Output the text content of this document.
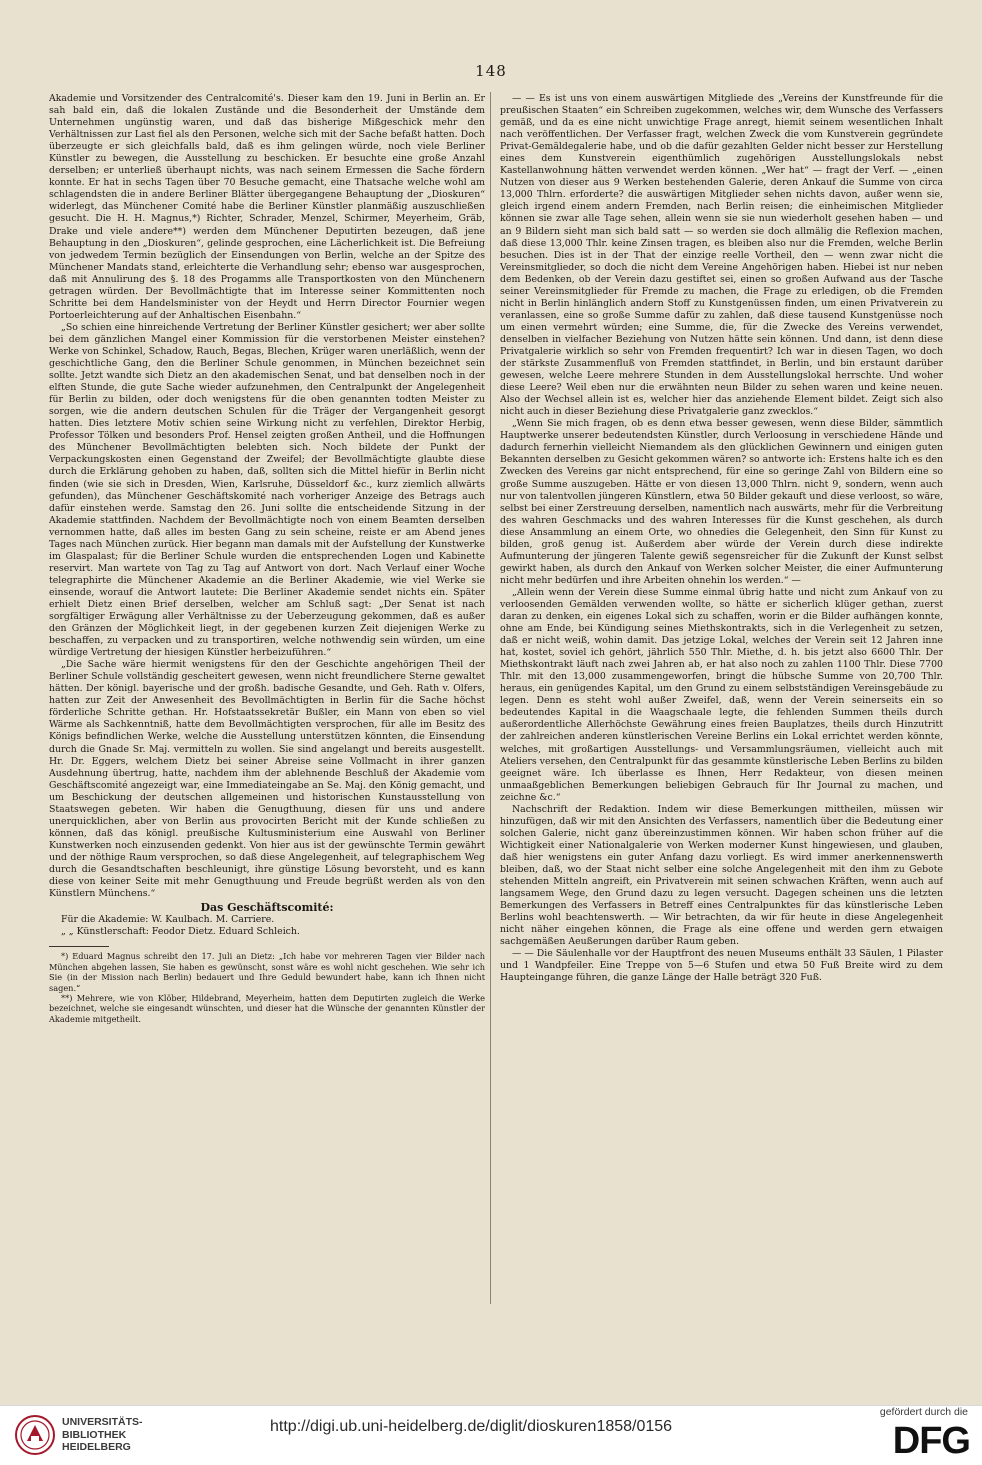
148

Akademie und Vorsitzender des Centralcomité's. Dieser kam den 19. Juni in Berlin an. Er sah bald ein, daß die lokalen Zustände und die Besonderheit der Umstände dem Unternehmen ungünstig waren, und daß das bisherige Mißgeschick mehr den Verhältnissen zur Last fiel als den Personen, welche sich mit der Sache befaßt hatten. Doch überzeugte er sich gleichfalls bald, daß es ihm gelingen würde, noch viele Berliner Künstler zu bewegen, die Ausstellung zu beschicken. Er besuchte eine große Anzahl derselben; er unterließ überhaupt nichts, was nach seinem Ermessen die Sache fördern konnte. Er hat in sechs Tagen über 70 Besuche gemacht, eine Thatsache welche wohl am schlagendsten die in andere Berliner Blätter übergegangene Behauptung der „Dioskuren“ widerlegt, das Münchener Comité habe die Berliner Künstler planmäßig auszuschließen gesucht. Die H. H. Magnus,*) Richter, Schrader, Menzel, Schirmer, Meyerheim, Gräb, Drake und viele andere**) werden dem Münchener Deputirten bezeugen, daß jene Behauptung in den „Dioskuren“, gelinde gesprochen, eine Lächerlichkeit ist. Die Befreiung von jedwedem Termin bezüglich der Einsendungen von Berlin, welche an der Spitze des Münchener Mandats stand, erleichterte die Verhandlung sehr; ebenso war ausgesprochen, daß mit Annulirung des §. 18 des Progamms alle Transportkosten von den Münchenern getragen würden. Der Bevollmächtigte that im Interesse seiner Kommittenten noch Schritte bei dem Handelsminister von der Heydt und Herrn Director Fournier wegen Portoerleichterung auf der Anhaltischen Eisenbahn.“

„So schien eine hinreichende Vertretung der Berliner Künstler gesichert; wer aber sollte bei dem gänzlichen Mangel einer Kommission für die verstorbenen Meister einstehen? Werke von Schinkel, Schadow, Rauch, Begas, Blechen, Krüger waren unerläßlich, wenn der geschichtliche Gang, den die Berliner Schule genommen, in München bezeichnet sein sollte. Jetzt wandte sich Dietz an den akademischen Senat, und bat denselben noch in der elften Stunde, die gute Sache wieder aufzunehmen, den Centralpunkt der Angelegenheit für Berlin zu bilden, oder doch wenigstens für die oben genannten todten Meister zu sorgen, wie die andern deutschen Schulen für die Träger der Vergangenheit gesorgt hatten. Dies letztere Motiv schien seine Wirkung nicht zu verfehlen, Direktor Herbig, Professor Tölken und besonders Prof. Hensel zeigten großen Antheil, und die Hoffnungen des Münchener Bevollmächtigten belebten sich. Noch bildete der Punkt der Verpackungskosten einen Gegenstand der Zweifel; der Bevollmächtigte glaubte diese durch die Erklärung gehoben zu haben, daß, sollten sich die Mittel hiefür in Berlin nicht finden (wie sie sich in Dresden, Wien, Karlsruhe, Düsseldorf &c., kurz ziemlich allwärts gefunden), das Münchener Geschäftskomité nach vorheriger Anzeige des Betrags auch dafür einstehen werde. Samstag den 26. Juni sollte die entscheidende Sitzung in der Akademie stattfinden. Nachdem der Bevollmächtigte noch von einem Beamten derselben vernommen hatte, daß alles im besten Gang zu sein scheine, reiste er am Abend jenes Tages nach München zurück. Hier begann man damals mit der Aufstellung der Kunstwerke im Glaspalast; für die Berliner Schule wurden die entsprechenden Logen und Kabinette reservirt. Man wartete von Tag zu Tag auf Antwort von dort. Nach Verlauf einer Woche telegraphirte die Münchener Akademie an die Berliner Akademie, wie viel Werke sie einsende, worauf die Antwort lautete: Die Berliner Akademie sendet nichts ein. Später erhielt Dietz einen Brief derselben, welcher am Schluß sagt: „Der Senat ist nach sorgfältiger Erwägung aller Verhältnisse zu der Ueberzeugung gekommen, daß es außer den Gränzen der Möglichkeit liegt, in der gegebenen kurzen Zeit diejenigen Werke zu beschaffen, zu verpacken und zu transportiren, welche nothwendig sein würden, um eine würdige Vertretung der hiesigen Künstler herbeizuführen.“

„Die Sache wäre hiermit wenigstens für den der Geschichte angehörigen Theil der Berliner Schule vollständig gescheitert gewesen, wenn nicht freundlichere Sterne gewaltet hätten. Der königl. bayerische und der großh. badische Gesandte, und Geh. Rath v. Olfers, hatten zur Zeit der Anwesenheit des Bevollmächtigten in Berlin für die Sache höchst förderliche Schritte gethan. Hr. Hofstaatssekretär Bußler, ein Mann von eben so viel Wärme als Sachkenntniß, hatte dem Bevollmächtigten versprochen, für alle im Besitz des Königs befindlichen Werke, welche die Ausstellung unterstützen könnten, die Einsendung durch die Gnade Sr. Maj. vermitteln zu wollen. Sie sind angelangt und bereits ausgestellt. Hr. Dr. Eggers, welchem Dietz bei seiner Abreise seine Vollmacht in ihrer ganzen Ausdehnung übertrug, hatte, nachdem ihm der ablehnende Beschluß der Akademie vom Geschäftscomité angezeigt war, eine Immediateingabe an Se. Maj. den König gemacht, und um Beschickung der deutschen allgemeinen und historischen Kunstausstellung von Staatswegen gebeten. Wir haben die Genugthuung, diesen für uns und andere unerquicklichen, aber von Berlin aus provocirten Bericht mit der Kunde schließen zu können, daß das königl. preußische Kultusministerium eine Auswahl von Berliner Kunstwerken noch einzusenden gedenkt. Von hier aus ist der gewünschte Termin gewährt und der nöthige Raum versprochen, so daß diese Angelegenheit, auf telegraphischem Weg durch die Gesandtschaften beschleunigt, ihre günstige Lösung bevorsteht, und es kann diese von keiner Seite mit mehr Genugthuung und Freude begrüßt werden als von den Künstlern Münchens.“

Das Geschäftscomité:

Für die Akademie: W. Kaulbach. M. Carriere.

„ „ Künstlerschaft: Feodor Dietz. Eduard Schleich.

*) Eduard Magnus schreibt den 17. Juli an Dietz: „Ich habe vor mehreren Tagen vier Bilder nach München abgehen lassen, Sie haben es gewünscht, sonst wäre es wohl nicht geschehen. Wie sehr ich Sie (in der Mission nach Berlin) bedauert und Ihre Geduld bewundert habe, kann ich Ihnen nicht sagen.“

**) Mehrere, wie von Klöber, Hildebrand, Meyerheim, hatten dem Deputirten zugleich die Werke bezeichnet, welche sie eingesandt wünschten, und dieser hat die Wünsche der genannten Künstler der Akademie mitgetheilt.

— — Es ist uns von einem auswärtigen Mitgliede des „Vereins der Kunstfreunde für die preußischen Staaten“ ein Schreiben zugekommen, welches wir, dem Wunsche des Verfassers gemäß, und da es eine nicht unwichtige Frage anregt, hiemit seinem wesentlichen Inhalt nach veröffentlichen. Der Verfasser fragt, welchen Zweck die vom Kunstverein gegründete Privat-Gemäldegalerie habe, und ob die dafür gezahlten Gelder nicht besser zur Herstellung eines dem Kunstverein eigenthümlich zugehörigen Ausstellungslokals nebst Kastellanwohnung hätten verwendet werden können. „Wer hat“ — fragt der Verf. — „einen Nutzen von dieser aus 9 Werken bestehenden Galerie, deren Ankauf die Summe von circa 13,000 Thlrn. erforderte? die auswärtigen Mitglieder sehen nichts davon, außer wenn sie, gleich irgend einem andern Fremden, nach Berlin reisen; die einheimischen Mitglieder können sie zwar alle Tage sehen, allein wenn sie sie nun wiederholt gesehen haben — und an 9 Bildern sieht man sich bald satt — so werden sie doch allmälig die Reflexion machen, daß diese 13,000 Thlr. keine Zinsen tragen, es bleiben also nur die Fremden, welche Berlin besuchen. Dies ist in der That der einzige reelle Vortheil, den — wenn zwar nicht die Vereinsmitglieder, so doch die nicht dem Vereine Angehörigen haben. Hiebei ist nur neben dem Bedenken, ob der Verein dazu gestiftet sei, einen so großen Aufwand aus der Tasche seiner Vereinsmitglieder für Fremde zu machen, die Frage zu erledigen, ob die Fremden nicht in Berlin hinlänglich andern Stoff zu Kunstgenüssen finden, um einen Privatverein zu veranlassen, eine so große Summe dafür zu zahlen, daß diese tausend Kunstgenüsse noch um einen vermehrt würden; eine Summe, die, für die Zwecke des Vereins verwendet, denselben in vielfacher Beziehung von Nutzen hätte sein können. Und dann, ist denn diese Privatgalerie wirklich so sehr von Fremden frequentirt? Ich war in diesen Tagen, wo doch der stärkste Zusammenfluß von Fremden stattfindet, in Berlin, und bin erstaunt darüber gewesen, welche Leere mehrere Stunden in dem Ausstellungslokal herrschte. Und woher diese Leere? Weil eben nur die erwähnten neun Bilder zu sehen waren und keine neuen. Also der Wechsel allein ist es, welcher hier das anziehende Element bildet. Zeigt sich also nicht auch in dieser Beziehung diese Privatgalerie ganz zwecklos.“

„Wenn Sie mich fragen, ob es denn etwa besser gewesen, wenn diese Bilder, sämmtlich Hauptwerke unserer bedeutendsten Künstler, durch Verloosung in verschiedene Hände und dadurch fernerhin vielleicht Niemandem als den glücklichen Gewinnern und einigen guten Bekannten derselben zu Gesicht gekommen wären? so antworte ich: Erstens halte ich es den Zwecken des Vereins gar nicht entsprechend, für eine so geringe Zahl von Bildern eine so große Summe auszugeben. Hätte er von diesen 13,000 Thlrn. nicht 9, sondern, wenn auch nur von talentvollen jüngeren Künstlern, etwa 50 Bilder gekauft und diese verloost, so wäre, selbst bei einer Zerstreuung derselben, namentlich nach auswärts, mehr für die Verbreitung des wahren Geschmacks und des wahren Interesses für die Kunst geschehen, als durch diese Ansammlung an einem Orte, wo ohnedies die Gelegenheit, den Sinn für Kunst zu bilden, groß genug ist. Außerdem aber würde der Verein durch diese indirekte Aufmunterung der jüngeren Talente gewiß segensreicher für die Zukunft der Kunst selbst gewirkt haben, als durch den Ankauf von Werken solcher Meister, die einer Aufmunterung nicht mehr bedürfen und ihre Arbeiten ohnehin los werden.“ —

„Allein wenn der Verein diese Summe einmal übrig hatte und nicht zum Ankauf von zu verloosenden Gemälden verwenden wollte, so hätte er sicherlich klüger gethan, zuerst daran zu denken, ein eigenes Lokal sich zu schaffen, worin er die Bilder aufhängen konnte, ohne am Ende, bei Kündigung seines Miethskontrakts, sich in die Verlegenheit zu setzen, daß er nicht weiß, wohin damit. Das jetzige Lokal, welches der Verein seit 12 Jahren inne hat, kostet, soviel ich gehört, jährlich 550 Thlr. Miethe, d. h. bis jetzt also 6600 Thlr. Der Miethskontrakt läuft nach zwei Jahren ab, er hat also noch zu zahlen 1100 Thlr. Diese 7700 Thlr. mit den 13,000 zusammengeworfen, bringt die hübsche Summe von 20,700 Thlr. heraus, ein genügendes Kapital, um den Grund zu einem selbstständigen Vereinsgebäude zu legen. Denn es steht wohl außer Zweifel, daß, wenn der Verein seinerseits ein so bedeutendes Kapital in die Waagschaale legte, die fehlenden Summen theils durch außerordentliche Allerhöchste Gewährung eines freien Bauplatzes, theils durch Hinzutritt der zahlreichen anderen künstlerischen Vereine Berlins ein Lokal errichtet werden könnte, welches, mit großartigen Ausstellungs- und Versammlungsräumen, vielleicht auch mit Ateliers versehen, den Centralpunkt für das gesammte künstlerische Leben Berlins zu bilden geeignet wäre. Ich überlasse es Ihnen, Herr Redakteur, von diesen meinen unmaaßgeblichen Bemerkungen beliebigen Gebrauch für Ihr Journal zu machen, und zeichne &c.“

Nachschrift der Redaktion. Indem wir diese Bemerkungen mittheilen, müssen wir hinzufügen, daß wir mit den Ansichten des Verfassers, namentlich über die Bedeutung einer solchen Galerie, nicht ganz übereinzustimmen können. Wir haben schon früher auf die Wichtigkeit einer Nationalgalerie von Werken moderner Kunst hingewiesen, und glauben, daß hier wenigstens ein guter Anfang dazu vorliegt. Es wird immer anerkennenswerth bleiben, daß, wo der Staat nicht selber eine solche Angelegenheit mit den ihm zu Gebote stehenden Mitteln angreift, ein Privatverein mit seinen schwachen Kräften, wenn auch auf langsamem Wege, den Grund dazu zu legen versucht. Dagegen scheinen uns die letzten Bemerkungen des Verfassers in Betreff eines Centralpunktes für das künstlerische Leben Berlins wohl beachtenswerth. — Wir betrachten, da wir für heute in diese Angelegenheit nicht näher eingehen können, die Frage als eine offene und werden gern etwaigen sachgemäßen Aeußerungen darüber Raum geben.

— — Die Säulenhalle vor der Hauptfront des neuen Museums enthält 33 Säulen, 1 Pilaster und 1 Wandpfeiler. Eine Treppe von 5—6 Stufen und etwa 50 Fuß Breite wird zu dem Haupteingange führen, die ganze Länge der Halle beträgt 320 Fuß.

UNIVERSITÄTS-
BIBLIOTHEK
HEIDELBERG
http://digi.ub.uni-heidelberg.de/diglit/dioskuren1858/0156
gefördert durch die
DFG
